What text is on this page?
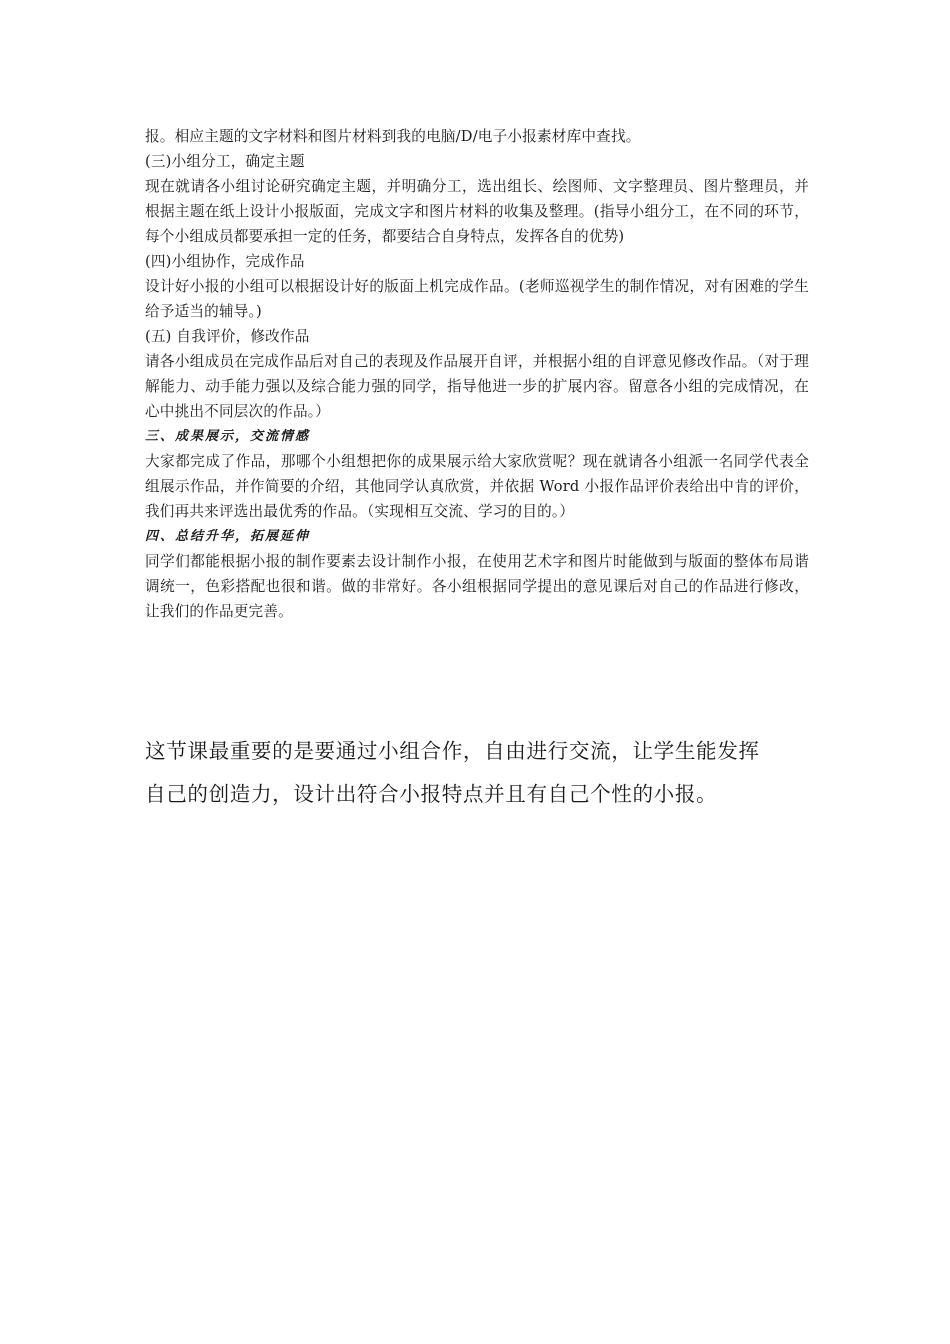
报。相应主题的文字材料和图片材料到我的电脑/D/电子小报素材库中查找。

(三)小组分工，确定主题

现在就请各小组讨论研究确定主题，并明确分工，选出组长、绘图师、文字整理员、图片整理员，并根据主题在纸上设计小报版面，完成文字和图片材料的收集及整理。(指导小组分工，在不同的环节，每个小组成员都要承担一定的任务，都要结合自身特点，发挥各自的优势)

(四)小组协作，完成作品

设计好小报的小组可以根据设计好的版面上机完成作品。(老师巡视学生的制作情况，对有困难的学生给予适当的辅导。)

(五) 自我评价，修改作品

请各小组成员在完成作品后对自己的表现及作品展开自评，并根据小组的自评意见修改作品。（对于理解能力、动手能力强以及综合能力强的同学，指导他进一步的扩展内容。留意各小组的完成情况，在心中挑出不同层次的作品。）

三、成果展示，交流情感

大家都完成了作品，那哪个小组想把你的成果展示给大家欣赏呢？现在就请各小组派一名同学代表全组展示作品，并作简要的介绍，其他同学认真欣赏，并依据 Word 小报作品评价表给出中肯的评价，我们再共来评选出最优秀的作品。（实现相互交流、学习的目的。）

四、总结升华，拓展延伸

同学们都能根据小报的制作要素去设计制作小报，在使用艺术字和图片时能做到与版面的整体布局谐调统一，色彩搭配也很和谐。做的非常好。各小组根据同学提出的意见课后对自己的作品进行修改，让我们的作品更完善。

这节课最重要的是要通过小组合作，自由进行交流，让学生能发挥
自己的创造力，设计出符合小报特点并且有自己个性的小报。
